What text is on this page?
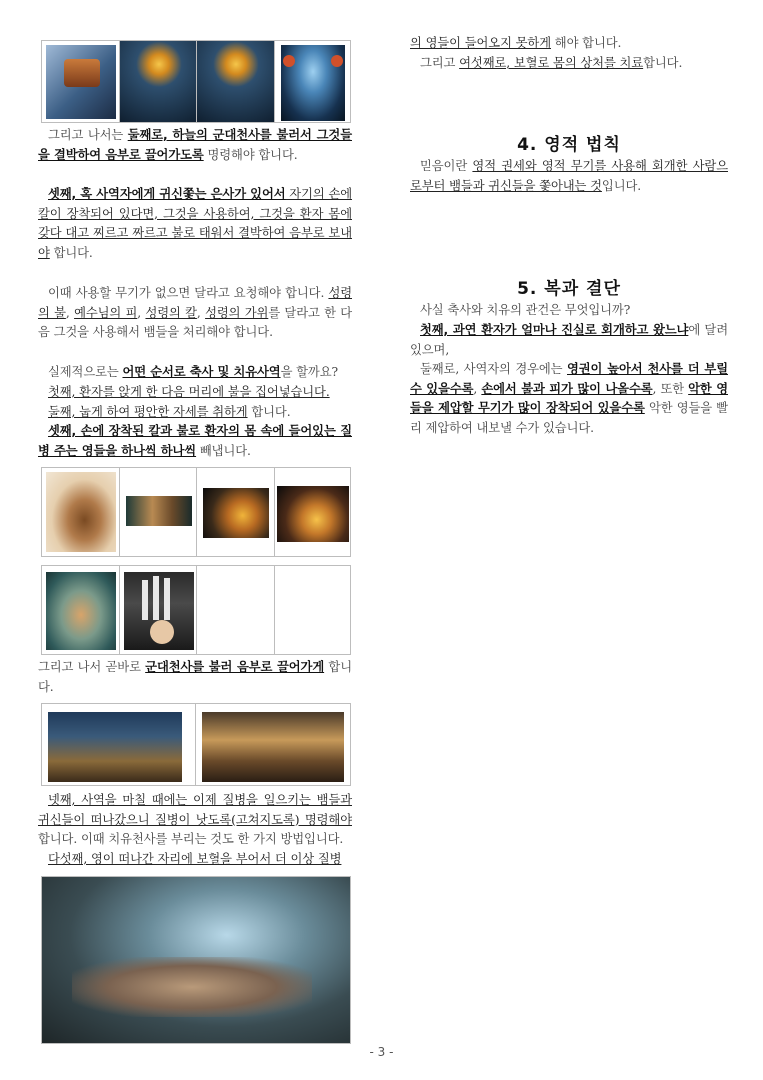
그리고 나서는 둘째로, 하늘의 군대천사를 불러서 그것들을 결박하여 음부로 끌어가도록 명령해야 합니다.

셋째, 혹 사역자에게 귀신쫓는 은사가 있어서 자기의 손에 칼이 장착되어 있다면, 그것을 사용하여, 그것을 환자 몸에 갖다 대고 찌르고 짜르고 불로 태워서 결박하여 음부로 보내야 합니다.

이때 사용할 무기가 없으면 달라고 요청해야 합니다. 성령의 불, 예수님의 피, 성령의 칼, 성령의 가위를 달라고 한 다음 그것을 사용해서 뱀들을 처리해야 합니다.

실제적으로는 어떤 순서로 축사 및 치유사역을 할까요?

첫째, 환자를 앉게 한 다음 머리에 불을 집어넣습니다.

둘째, 눕게 하여 평안한 자세를 취하게 합니다.

셋째, 손에 장착된 칼과 불로 환자의 몸 속에 들어있는 질병 주는 영들을 하나씩 하나씩 빼냅니다.

그리고 나서 곧바로 군대천사를 불러 음부로 끌어가게 합니다.

넷째, 사역을 마칠 때에는 이제 질병을 일으키는 뱀들과 귀신들이 떠나갔으니 질병이 낫도록(고쳐지도록) 명령해야 합니다. 이때 치유천사를 부리는 것도 한 가지 방법입니다.

다섯째, 영이 떠나간 자리에 보혈을 부어서 더 이상 질병

의 영들이 들어오지 못하게 해야 합니다.

그리고 여섯째로, 보혈로 몸의 상처를 치료합니다.

4. 영적 법칙

믿음이란 영적 권세와 영적 무기를 사용해 회개한 사람으로부터 뱀들과 귀신들을 쫓아내는 것입니다.

5. 복과 결단

사실 축사와 치유의 관건은 무엇입니까?

첫째, 과연 환자가 얼마나 진실로 회개하고 왔느냐에 달려 있으며,

둘째로, 사역자의 경우에는 영권이 높아서 천사를 더 부릴 수 있을수록, 손에서 불과 피가 많이 나올수록, 또한 악한 영들을 제압할 무기가 많이 장착되어 있을수록 악한 영들을 빨리 제압하여 내보낼 수가 있습니다.

- 3 -
